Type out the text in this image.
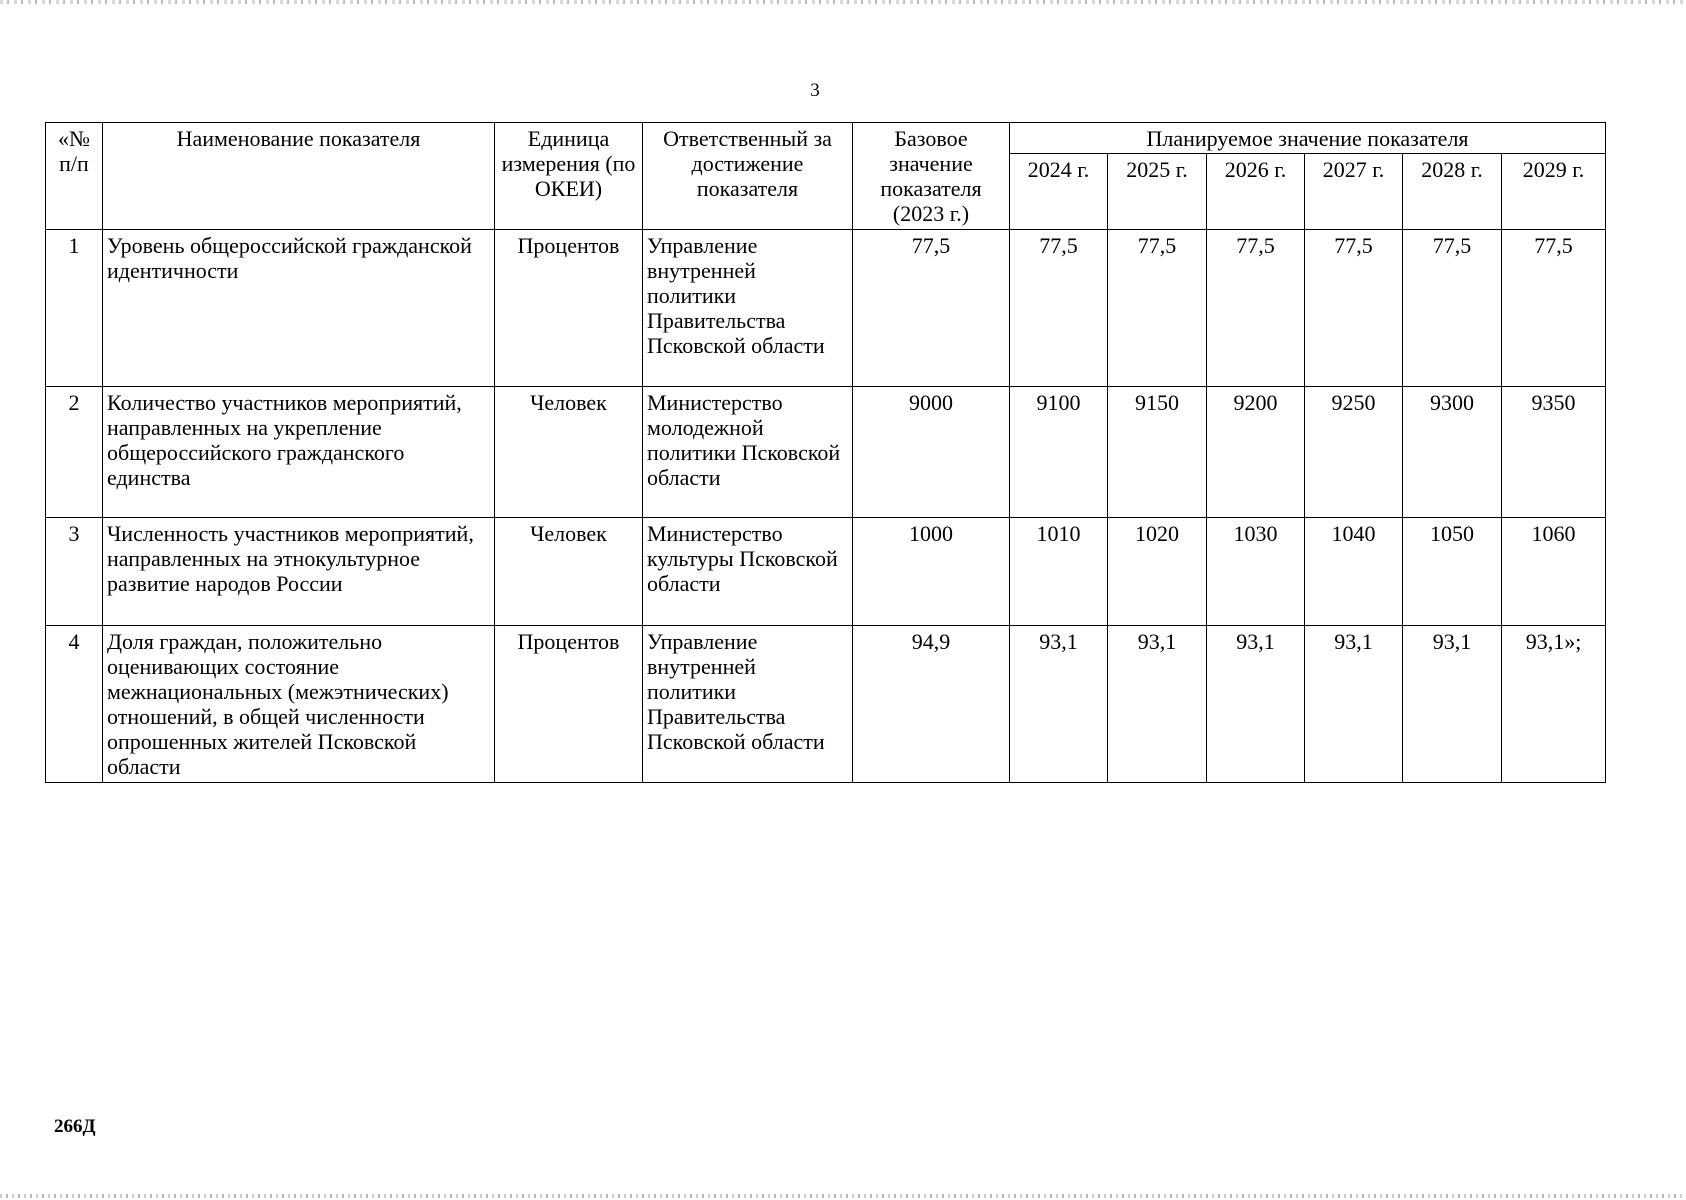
3
«№ п/п	Наименование показателя	Единица измерения (по ОКЕИ)	Ответственный за достижение показателя	Базовое значение показателя (2023 г.)	Планируемое значение показателя					
					2024 г.	2025 г.	2026 г.	2027 г.	2028 г.	2029 г.
1	Уровень общероссийской гражданской идентичности	Процентов	Управление внутренней политики Правительства Псковской области	77,5	77,5	77,5	77,5	77,5	77,5	77,5
2	Количество участников мероприятий, направленных на укрепление общероссийского гражданского единства	Человек	Министерство молодежной политики Псковской области	9000	9100	9150	9200	9250	9300	9350
3	Численность участников мероприятий, направленных на этнокультурное развитие народов России	Человек	Министерство культуры Псковской области	1000	1010	1020	1030	1040	1050	1060
4	Доля граждан, положительно оценивающих состояние межнациональных (межэтнических) отношений, в общей численности опрошенных жителей Псковской области	Процентов	Управление внутренней политики Правительства Псковской области	94,9	93,1	93,1	93,1	93,1	93,1	93,1»;
266Д
